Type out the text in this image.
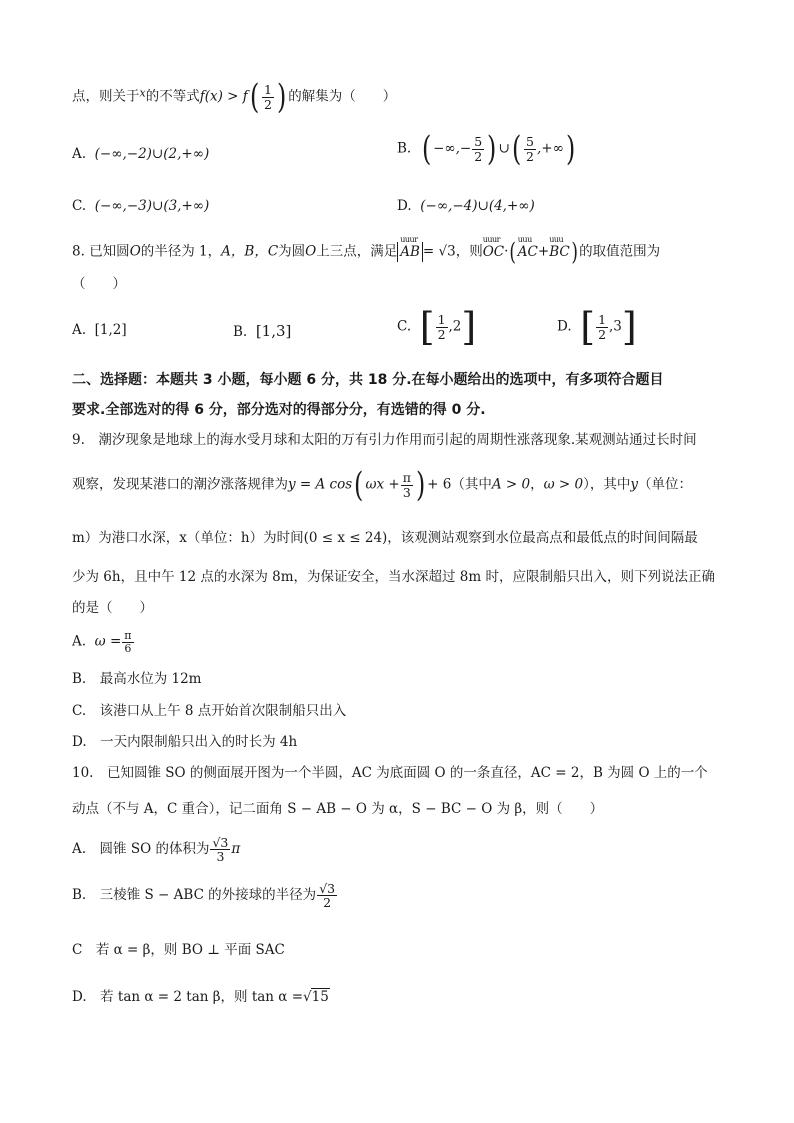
点，则关于$^x$的不等式$f(x) > f( \frac{1}{2}$ ) 的解集为（　　）
A. (−∞,−2)∪(2,+∞)	B. ( −∞,− $\frac{5}{2}$ ) ∪( $\frac{5}{2}$ ,+∞)
C. (−∞,−3)∪(3,+∞)	D. (−∞,−4)∪(4,+∞)
8. 已知圆O的半径为 1，A，B，C为圆O上三点，满足uuur AB = √3，则uuur OC·(uuu AC+uuu BC)的取值范围为
（　　）
A. [1,2]	B. [1,3]	C. [ $\frac{1}{2} ,2$]	D. [ $\frac{1}{2} ,3$]
二、选择题：本题共 3 小题，每小题 6 分，共 18 分.在每小题给出的选项中，有多项符合题目
要求.全部选对的得 6 分，部分选对的得部分分，有选错的得 0 分.
9.　潮汐现象是地球上的海水受月球和太阳的万有引力作用而引起的周期性涨落现象.某观测站通过长时间
观察，发现某港口的潮汐涨落规律为y = A cos( $\omega x + \frac{\pi}{3}$ ) + 6（其中A > 0，ω > 0），其中y（单位：
m）为港口水深，x（单位：h）为时间(0 ≤ x ≤ 24)，该观测站观察到水位最高点和最低点的时间间隔最
少为 6h，且中午 12 点的水深为 8m，为保证安全，当水深超过 8m 时，应限制船只出入，则下列说法正确
的是（　　）
A. $\omega = \frac{\pi}{6}$
B.　最高水位为 12m
C.　该港口从上午 8 点开始首次限制船只出入
D.　一天内限制船只出入的时长为 4h
10.　已知圆锥 SO 的侧面展开图为一个半圆，AC 为底面圆 O 的一条直径，AC = 2，B 为圆 O 上的一个
动点（不与 A，C 重合），记二面角 S − AB − O 为 α，S − BC − O 为 β，则（　　）
A.　圆锥 SO 的体积为 $\frac{√3}{3}$ π
B.　三棱锥 S − ABC 的外接球的半径为 $\frac{√3}{2}$
C　若 α = β，则 BO ⊥ 平面 SAC
D.　若 tan α = 2 tan β，则 tan α =√15
